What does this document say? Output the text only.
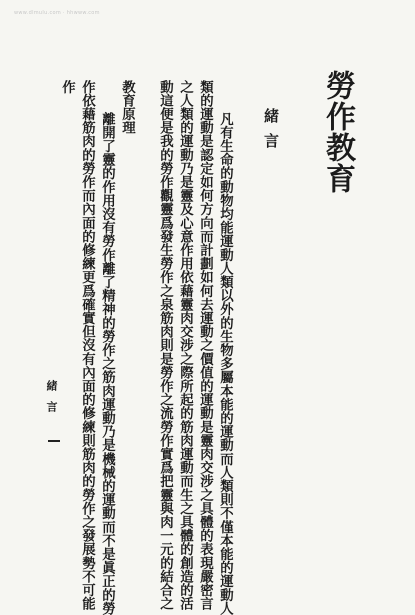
www.dlmulu.com · hhwww.com
勞作教育
緒言
凡有生命的動物均能運動人類以外的生物多屬本能的運動而人類則不僅本能的運動人
類的運動是認定如何方向而計劃如何去運動之價值的運動是靈肉交涉之具體的表現嚴密言
之人類的運動乃是靈及心意作用依藉靈肉交涉之際所起的筋肉運動而生之具體的創造的活
動這便是我的勞作觀靈爲發生勞作之泉筋肉則是勞作之流勞作實爲把靈與肉一元的結合之
教育原理
離開了靈的作用沒有勞作離了精神的勞作之筋肉運動乃是機械的運動而不是眞正的勞
作依藉筋肉的勞作而內面的修練更爲確實但沒有內面的修練則筋肉的勞作之發展勢不可能
作
緒言
